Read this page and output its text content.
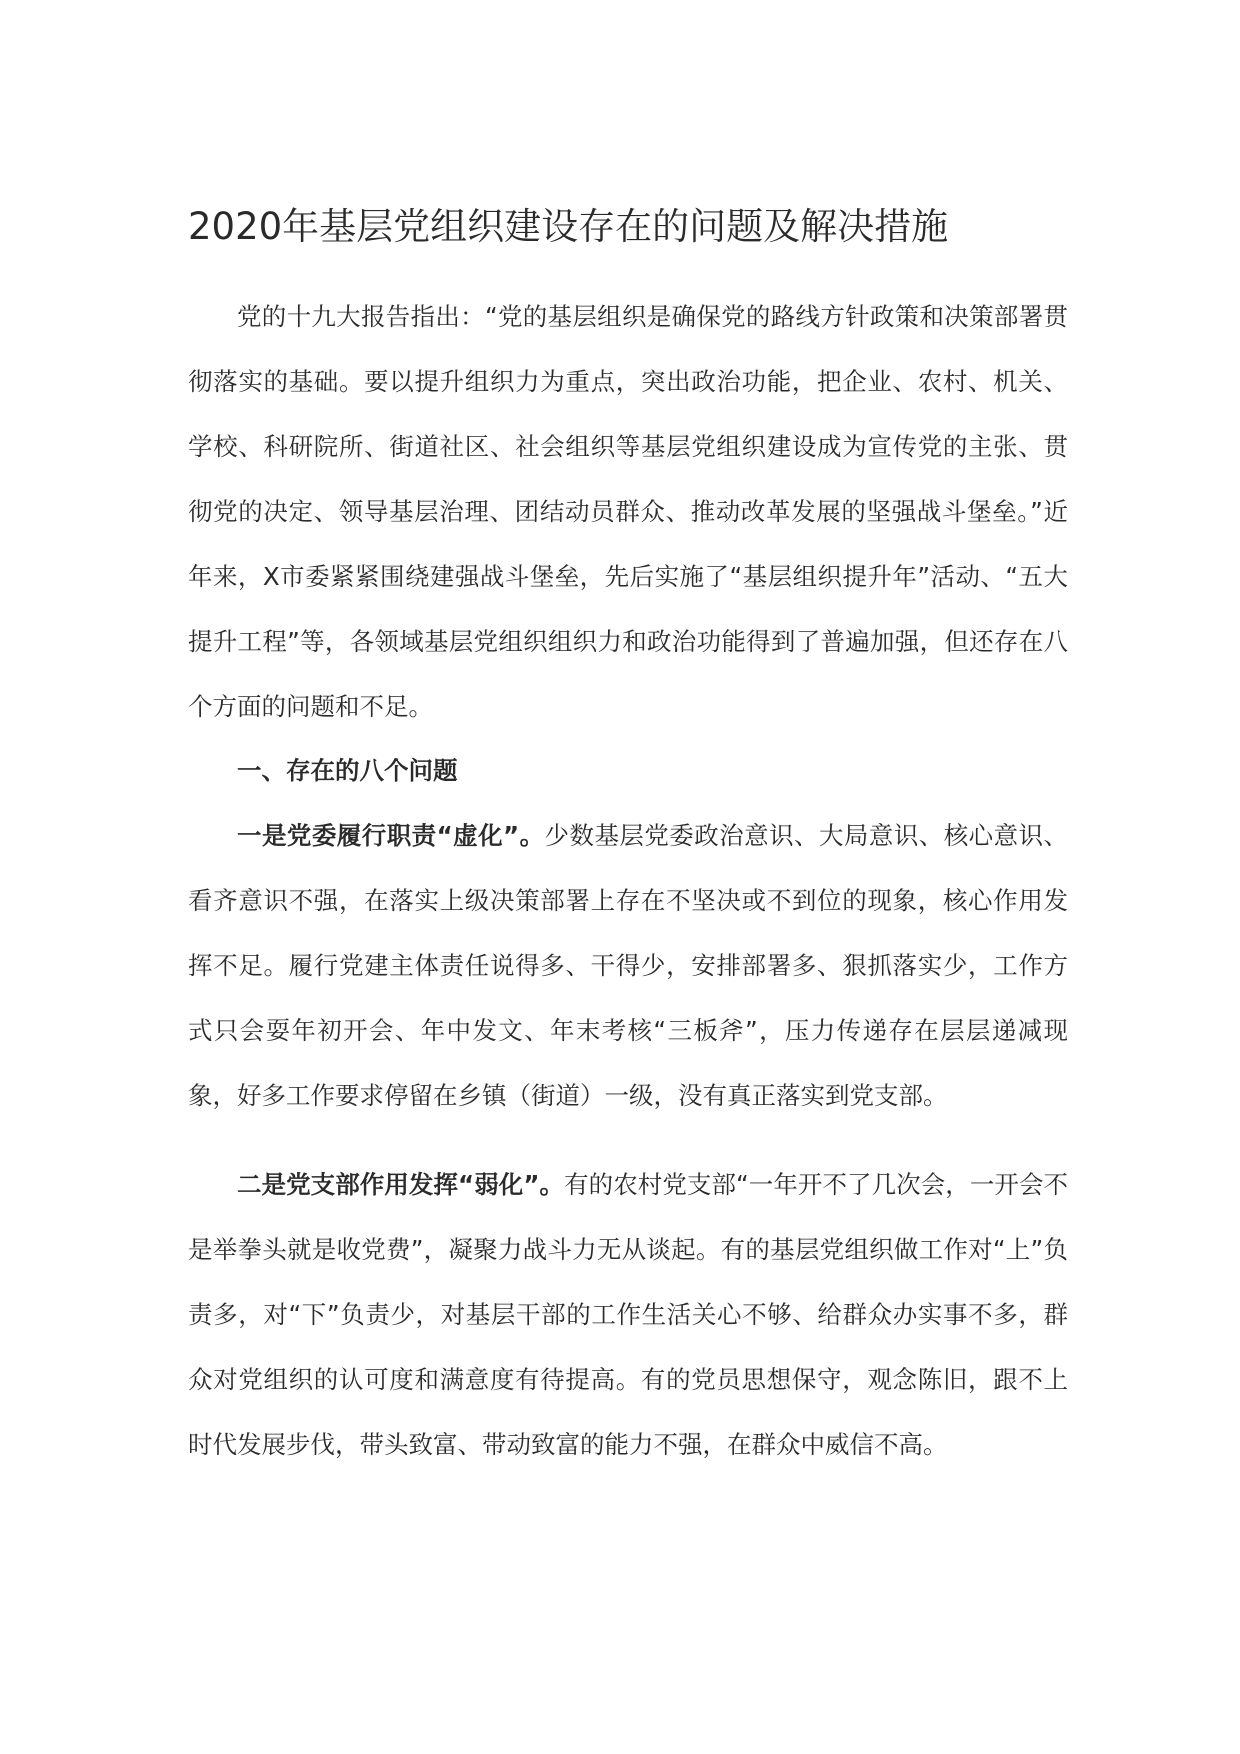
2020年基层党组织建设存在的问题及解决措施

党的十九大报告指出：“党的基层组织是确保党的路线方针政策和决策部署贯彻落实的基础。要以提升组织力为重点，突出政治功能，把企业、农村、机关、学校、科研院所、街道社区、社会组织等基层党组织建设成为宣传党的主张、贯彻党的决定、领导基层治理、团结动员群众、推动改革发展的坚强战斗堡垒。”近年来，X市委紧紧围绕建强战斗堡垒，先后实施了“基层组织提升年”活动、“五大提升工程”等，各领域基层党组织组织力和政治功能得到了普遍加强，但还存在八个方面的问题和不足。

一、存在的八个问题

一是党委履行职责“虚化”。少数基层党委政治意识、大局意识、核心意识、看齐意识不强，在落实上级决策部署上存在不坚决或不到位的现象，核心作用发挥不足。履行党建主体责任说得多、干得少，安排部署多、狠抓落实少，工作方式只会耍年初开会、年中发文、年末考核“三板斧”，压力传递存在层层递减现象，好多工作要求停留在乡镇（街道）一级，没有真正落实到党支部。

二是党支部作用发挥“弱化”。有的农村党支部“一年开不了几次会，一开会不是举拳头就是收党费”，凝聚力战斗力无从谈起。有的基层党组织做工作对“上”负责多，对“下”负责少，对基层干部的工作生活关心不够、给群众办实事不多，群众对党组织的认可度和满意度有待提高。有的党员思想保守，观念陈旧，跟不上时代发展步伐，带头致富、带动致富的能力不强，在群众中威信不高。
